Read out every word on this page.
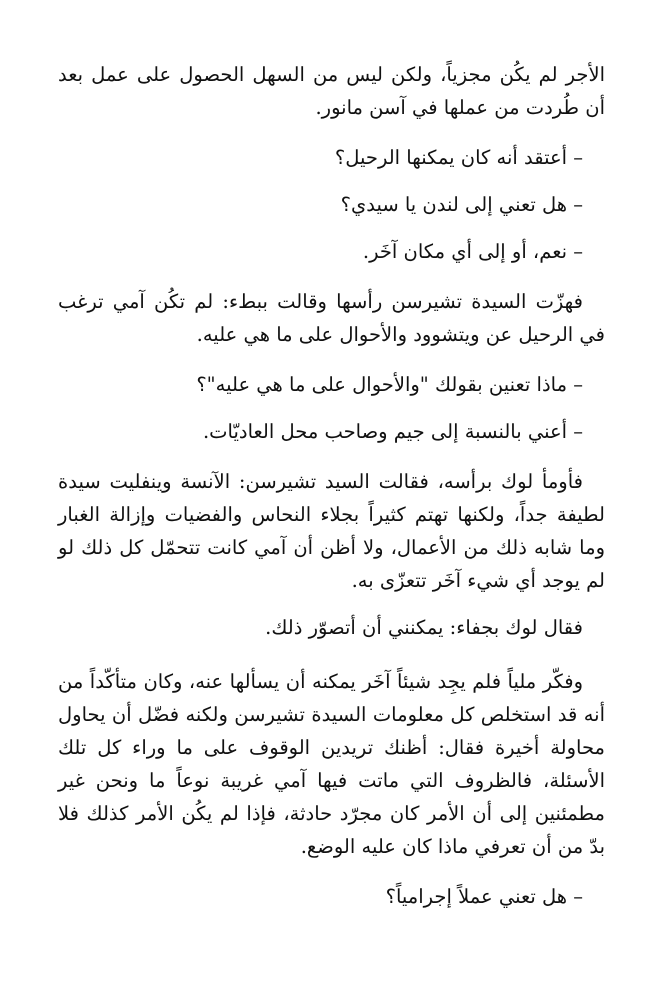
الأجر لم يكُن مجزياً، ولكن ليس من السهل الحصول على عمل بعد أن طُردت من عملها في آسن مانور.

– أعتقد أنه كان يمكنها الرحيل؟

– هل تعني إلى لندن يا سيدي؟

– نعم، أو إلى أي مكان آخَر.

فهزّت السيدة تشيرسن رأسها وقالت ببطء: لم تكُن آمي ترغب في الرحيل عن ويتشوود والأحوال على ما هي عليه.

– ماذا تعنين بقولك "والأحوال على ما هي عليه"؟

– أعني بالنسبة إلى جيم وصاحب محل العاديّات.

فأومأ لوك برأسه، فقالت السيد تشيرسن: الآنسة وينفليت سيدة لطيفة جداً، ولكنها تهتم كثيراً بجلاء النحاس والفضيات وإزالة الغبار وما شابه ذلك من الأعمال، ولا أظن أن آمي كانت تتحمّل كل ذلك لو لم يوجد أي شيء آخَر تتعزّى به.

فقال لوك بجفاء: يمكنني أن أتصوّر ذلك.

وفكّر ملياً فلم يجِد شيئاً آخَر يمكنه أن يسألها عنه، وكان متأكّداً من أنه قد استخلص كل معلومات السيدة تشيرسن ولكنه فضّل أن يحاول محاولة أخيرة فقال: أظنك تريدين الوقوف على ما وراء كل تلك الأسئلة، فالظروف التي ماتت فيها آمي غريبة نوعاً ما ونحن غير مطمئنين إلى أن الأمر كان مجرّد حادثة، فإذا لم يكُن الأمر كذلك فلا بدّ من أن تعرفي ماذا كان عليه الوضع.

– هل تعني عملاً إجرامياً؟
